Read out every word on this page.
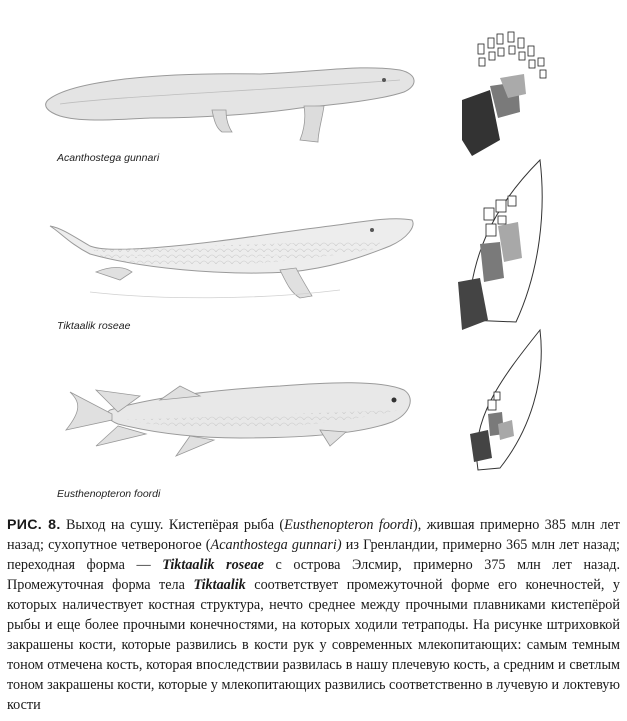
Acanthostega gunnari
Tiktaalik roseae
Eusthenopteron foordi
РИС. 8. Выход на сушу. Кистепёрая рыба (Eusthenopteron foordi), жившая примерно 385 млн лет назад; сухопутное четвероногое (Acanthostega gunnari) из Гренландии, примерно 365 млн лет назад; переходная форма — Tiktaalik roseae с острова Элсмир, примерно 375 млн лет назад. Промежуточная форма тела Tiktaalik соответствует промежуточной форме его конечностей, у которых наличествует костная структура, нечто среднее между прочными плавниками кистепёрой рыбы и еще более прочными конечностями, на которых ходили тетраподы. На рисунке штриховкой закрашены кости, которые развились в кости рук у современных млекопитающих: самым темным тоном отмечена кость, которая впоследствии развилась в нашу плечевую кость, а средним и светлым тоном закрашены кости, которые у млекопитающих развились соответственно в лучевую и локтевую кости
